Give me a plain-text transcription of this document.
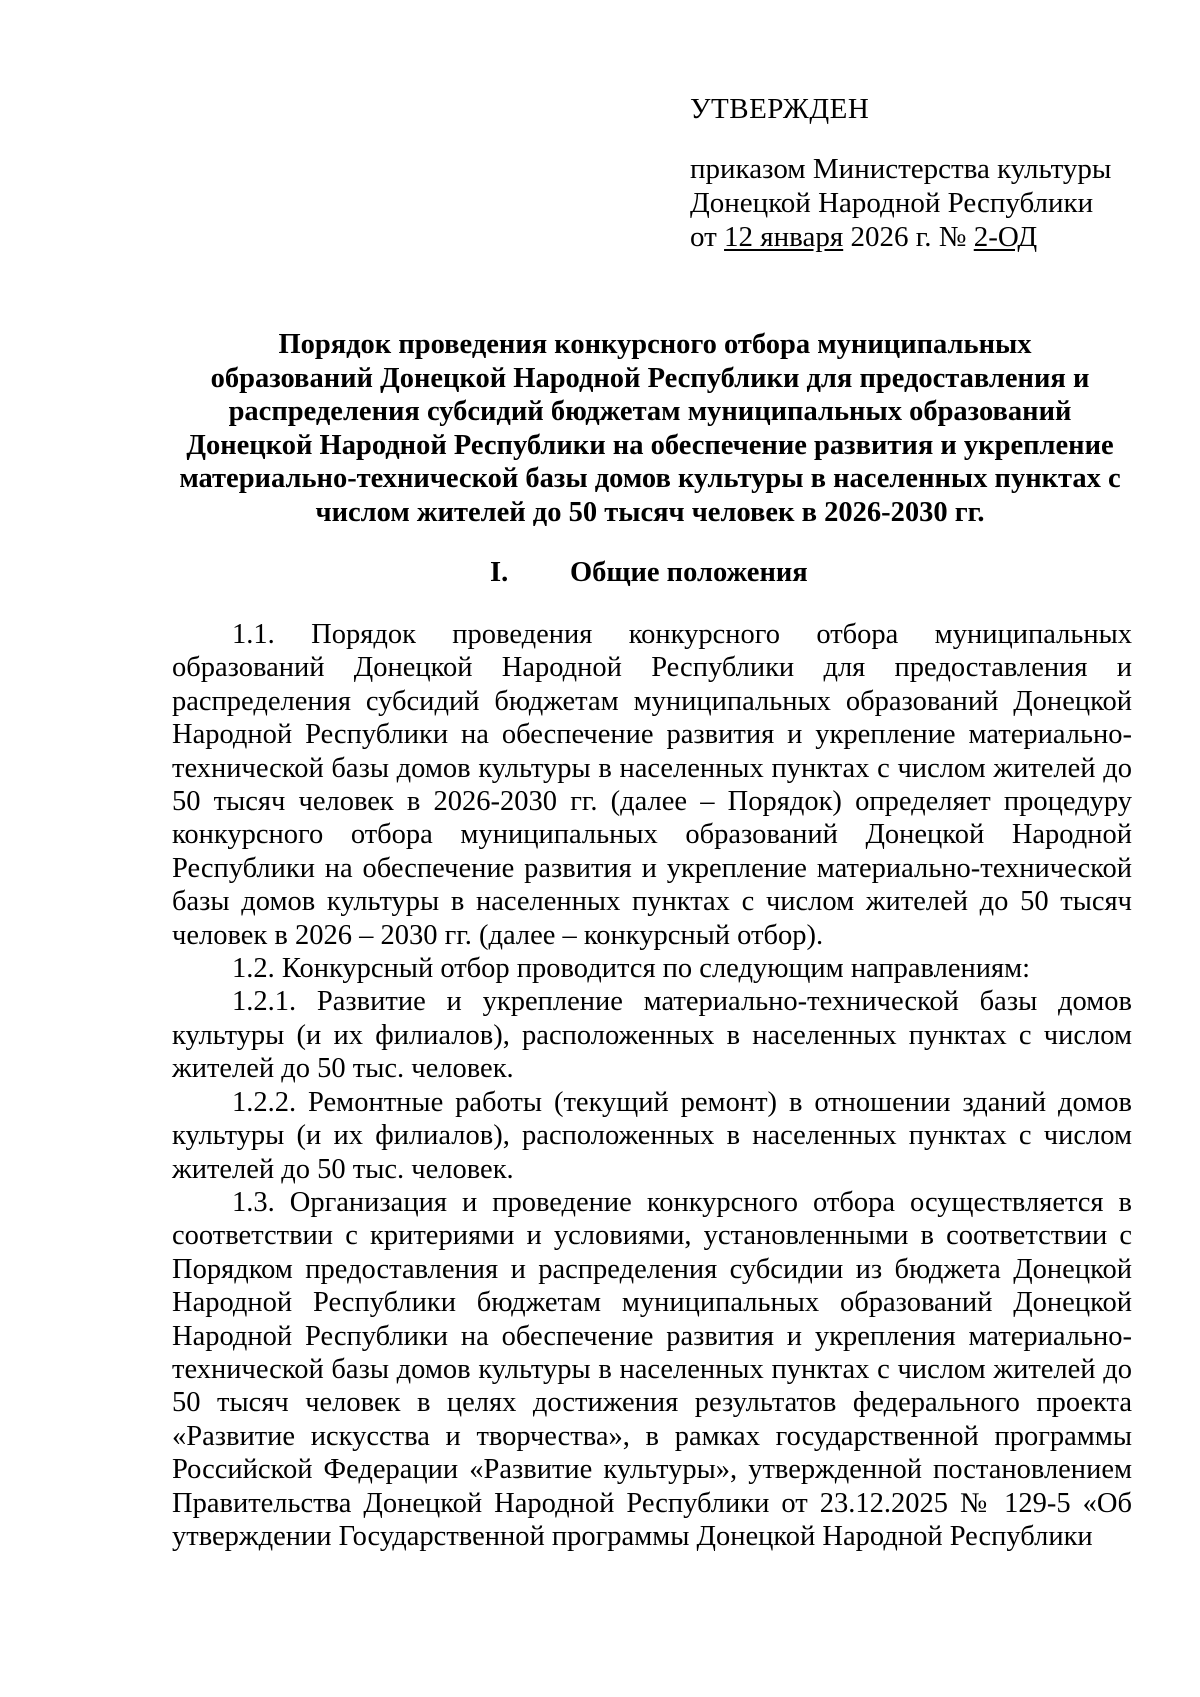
УТВЕРЖДЕН
приказом Министерства культуры
Донецкой Народной Республики
от 12 января 2026 г. № 2-ОД
Порядок проведения конкурсного отбора муниципальных
образований Донецкой Народной Республики для предоставления и
распределения субсидий бюджетам муниципальных образований
Донецкой Народной Республики на обеспечение развития и укрепление
материально-технической базы домов культуры в населенных пунктах с
числом жителей до 50 тысяч человек в 2026-2030 гг.
I. Общие положения

1.1. Порядок проведения конкурсного отбора муниципальных образований Донецкой Народной Республики для предоставления и распределения субсидий бюджетам муниципальных образований Донецкой Народной Республики на обеспечение развития и укрепление материально-технической базы домов культуры в населенных пунктах с числом жителей до 50 тысяч человек в 2026-2030 гг. (далее – Порядок) определяет процедуру конкурсного отбора муниципальных образований Донецкой Народной Республики на обеспечение развития и укрепление материально-технической базы домов культуры в населенных пунктах с числом жителей до 50 тысяч человек в 2026 – 2030 гг. (далее – конкурсный отбор).

1.2. Конкурсный отбор проводится по следующим направлениям:

1.2.1. Развитие и укрепление материально-технической базы домов культуры (и их филиалов), расположенных в населенных пунктах с числом жителей до 50 тыс. человек.

1.2.2. Ремонтные работы (текущий ремонт) в отношении зданий домов культуры (и их филиалов), расположенных в населенных пунктах с числом жителей до 50 тыс. человек.

1.3. Организация и проведение конкурсного отбора осуществляется в соответствии с критериями и условиями, установленными в соответствии с Порядком предоставления и распределения субсидии из бюджета Донецкой Народной Республики бюджетам муниципальных образований Донецкой Народной Республики на обеспечение развития и укрепления материально-технической базы домов культуры в населенных пунктах с числом жителей до 50 тысяч человек в целях достижения результатов федерального проекта «Развитие искусства и творчества», в рамках государственной программы Российской Федерации «Развитие культуры», утвержденной постановлением Правительства Донецкой Народной Республики от 23.12.2025 № 129-5 «Об утверждении Государственной программы Донецкой Народной Республики
